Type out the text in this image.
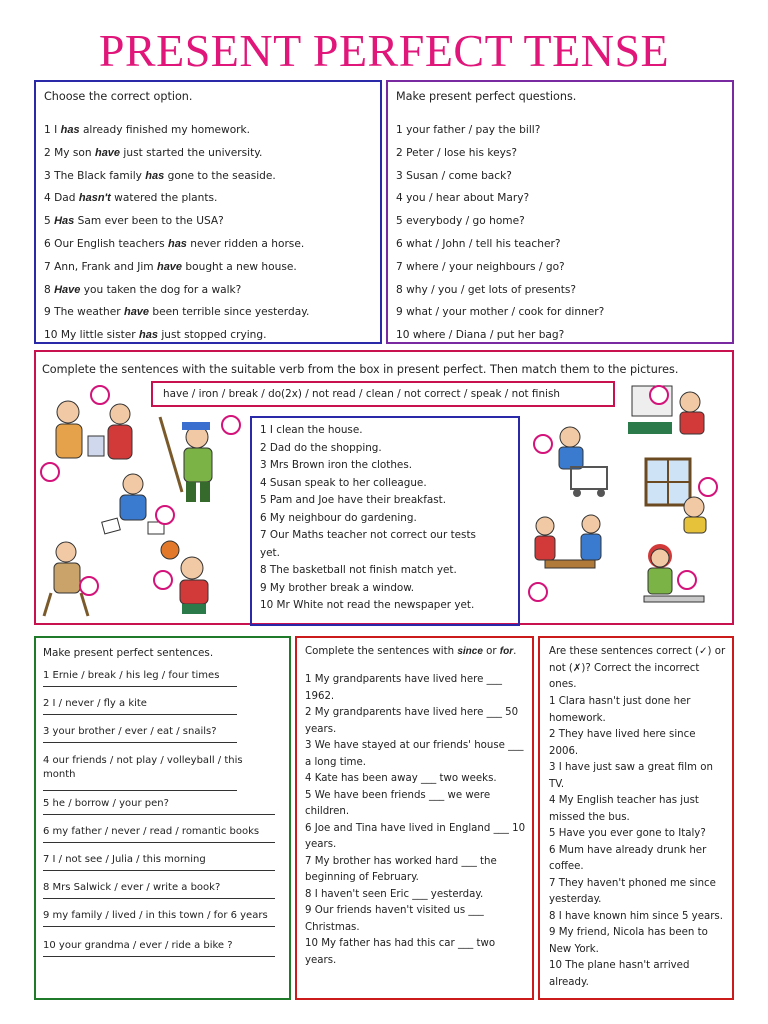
PRESENT PERFECT TENSE
Choose the correct option.
1 I has already finished my homework.
2 My son have just started the university.
3 The Black family has gone to the seaside.
4 Dad hasn't watered the plants.
5 Has Sam ever been to the USA?
6 Our English teachers has never ridden a horse.
7 Ann, Frank and Jim have bought a new house.
8 Have you taken the dog for a walk?
9 The weather have been terrible since yesterday.
10 My little sister has just stopped crying.
Make present perfect questions.
1 your father / pay the bill?
2 Peter / lose his keys?
3 Susan / come back?
4 you / hear about Mary?
5 everybody / go home?
6 what / John / tell his teacher?
7 where / your neighbours / go?
8 why / you / get lots of presents?
9 what / your mother / cook for dinner?
10 where / Diana / put her bag?
Complete the sentences with the suitable verb from the box in present perfect. Then match them to the pictures.
have / iron / break / do(2x) / not read / clean / not correct / speak / not finish
1 I clean the house.
2 Dad do the shopping.
3 Mrs Brown iron the clothes.
4 Susan speak to her colleague.
5 Pam and Joe have their breakfast.
6 My neighbour do gardening.
7 Our Maths teacher not correct our tests
yet.
8 The basketball not finish match yet.
9 My brother break a window.
10 Mr White not read the newspaper yet.
Make present perfect sentences.
1 Ernie / break / his leg / four times
2 I / never / fly a kite
3 your brother / ever / eat / snails?
4 our friends / not play / volleyball / this month
5 he / borrow / your pen?
6 my father / never / read / romantic books
7 I / not see / Julia / this morning
8 Mrs Salwick / ever / write a book?
9 my family / lived / in this town / for 6 years
10 your grandma / ever / ride a bike ?
Complete the sentences with since or for.
1 My grandparents have lived here ___ 1962.
2 My grandparents have lived here ___ 50 years.
3 We have stayed at our friends' house ___ a long time.
4 Kate has been away ___ two weeks.
5 We have been friends ___ we were children.
6 Joe and Tina have lived in England ___ 10 years.
7 My brother has worked hard ___ the beginning of February.
8 I haven't seen Eric ___ yesterday.
9 Our friends haven't visited us ___ Christmas.
10 My father has had this car ___ two years.
Are these sentences correct (✓) or not (✗)? Correct the incorrect ones.
1 Clara hasn't just done her homework.
2 They have lived here since 2006.
3 I have just saw a great film on TV.
4 My English teacher has just missed the bus.
5 Have you ever gone to Italy?
6 Mum have already drunk her coffee.
7 They haven't phoned me since yesterday.
8 I have known him since 5 years.
9 My friend, Nicola has been to New York.
10 The plane hasn't arrived already.
